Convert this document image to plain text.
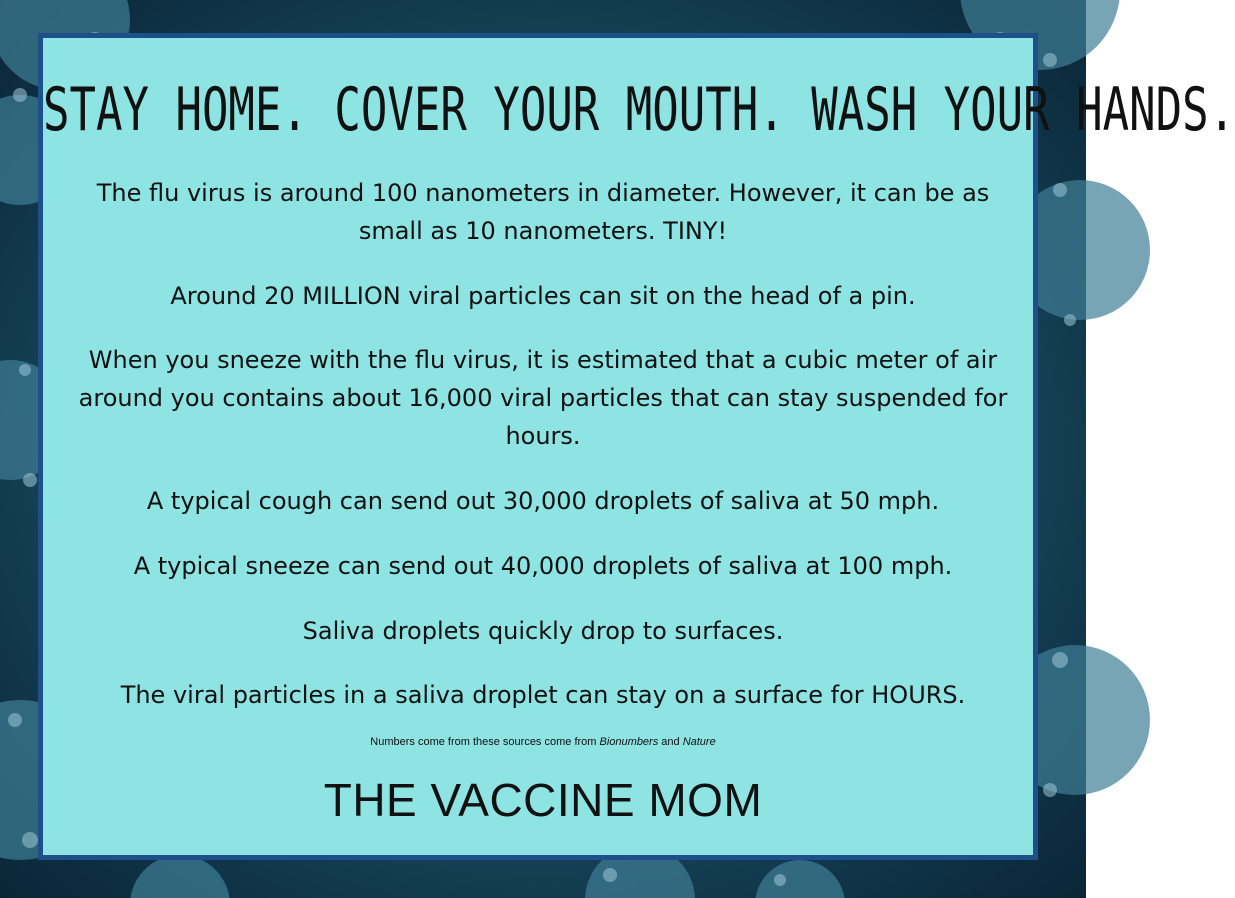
STAY HOME. COVER YOUR MOUTH. WASH YOUR HANDS.
The flu virus is around 100 nanometers in diameter. However, it can be as small as 10 nanometers. TINY!
Around 20 MILLION viral particles can sit on the head of a pin.
When you sneeze with the flu virus, it is estimated that a cubic meter of air around you contains about 16,000 viral particles that can stay suspended for hours.
A typical cough can send out 30,000 droplets of saliva at 50 mph.
A typical sneeze can send out 40,000 droplets of saliva at 100 mph.
Saliva droplets quickly drop to surfaces.
The viral particles in a saliva droplet can stay on a surface for HOURS.
Numbers come from these sources come from Bionumbers and Nature
THE VACCINE MOM
